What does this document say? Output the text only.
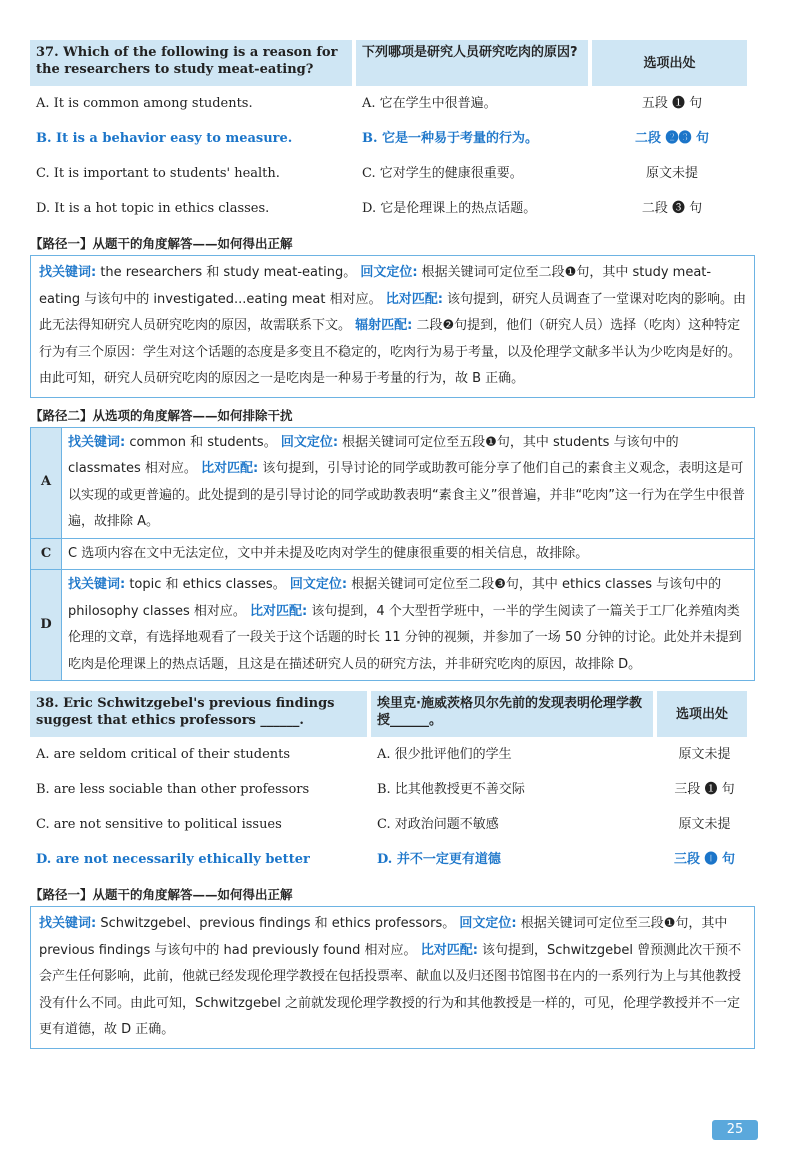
37. Which of the following is a reason for the researchers to study meat-eating?	下列哪项是研究人员研究吃肉的原因?	选项出处
A. It is common among students.	A. 它在学生中很普遍。	五段 ❶ 句
B. It is a behavior easy to measure.	B. 它是一种易于考量的行为。	二段 ❷❸ 句
C. It is important to students' health.	C. 它对学生的健康很重要。	原文未提
D. It is a hot topic in ethics classes.	D. 它是伦理课上的热点话题。	二段 ❸ 句
【路径一】从题干的角度解答——如何得出正解
找关键词: the researchers 和 study meat-eating。 回文定位: 根据关键词可定位至二段❶句，其中 study meat-eating 与该句中的 investigated...eating meat 相对应。 比对匹配: 该句提到，研究人员调查了一堂课对吃肉的影响。由此无法得知研究人员研究吃肉的原因，故需联系下文。 辐射匹配: 二段❷句提到，他们（研究人员）选择（吃肉）这种特定行为有三个原因：学生对这个话题的态度是多变且不稳定的，吃肉行为易于考量，以及伦理学文献多半认为少吃肉是好的。由此可知，研究人员研究吃肉的原因之一是吃肉是一种易于考量的行为，故 B 正确。
【路径二】从选项的角度解答——如何排除干扰
A	找关键词: common 和 students。 回文定位: 根据关键词可定位至五段❶句，其中 students 与该句中的 classmates 相对应。 比对匹配: 该句提到，引导讨论的同学或助教可能分享了他们自己的素食主义观念，表明这是可以实现的或更普遍的。此处提到的是引导讨论的同学或助教表明“素食主义”很普遍，并非“吃肉”这一行为在学生中很普遍，故排除 A。
C	C 选项内容在文中无法定位，文中并未提及吃肉对学生的健康很重要的相关信息，故排除。
D	找关键词: topic 和 ethics classes。 回文定位: 根据关键词可定位至二段❸句，其中 ethics classes 与该句中的 philosophy classes 相对应。 比对匹配: 该句提到，4 个大型哲学班中，一半的学生阅读了一篇关于工厂化养殖肉类伦理的文章，有选择地观看了一段关于这个话题的时长 11 分钟的视频，并参加了一场 50 分钟的讨论。此处并未提到吃肉是伦理课上的热点话题，且这是在描述研究人员的研究方法，并非研究吃肉的原因，故排除 D。
38. Eric Schwitzgebel's previous findings suggest that ethics professors ______.	埃里克·施威茨格贝尔先前的发现表明伦理学教授______。	选项出处
A. are seldom critical of their students	A. 很少批评他们的学生	原文未提
B. are less sociable than other professors	B. 比其他教授更不善交际	三段 ❶ 句
C. are not sensitive to political issues	C. 对政治问题不敏感	原文未提
D. are not necessarily ethically better	D. 并不一定更有道德	三段 ❶ 句
【路径一】从题干的角度解答——如何得出正解
找关键词: Schwitzgebel、previous findings 和 ethics professors。 回文定位: 根据关键词可定位至三段❶句，其中 previous findings 与该句中的 had previously found 相对应。 比对匹配: 该句提到，Schwitzgebel 曾预测此次干预不会产生任何影响，此前，他就已经发现伦理学教授在包括投票率、献血以及归还图书馆图书在内的一系列行为上与其他教授没有什么不同。由此可知，Schwitzgebel 之前就发现伦理学教授的行为和其他教授是一样的，可见，伦理学教授并不一定更有道德，故 D 正确。
25
